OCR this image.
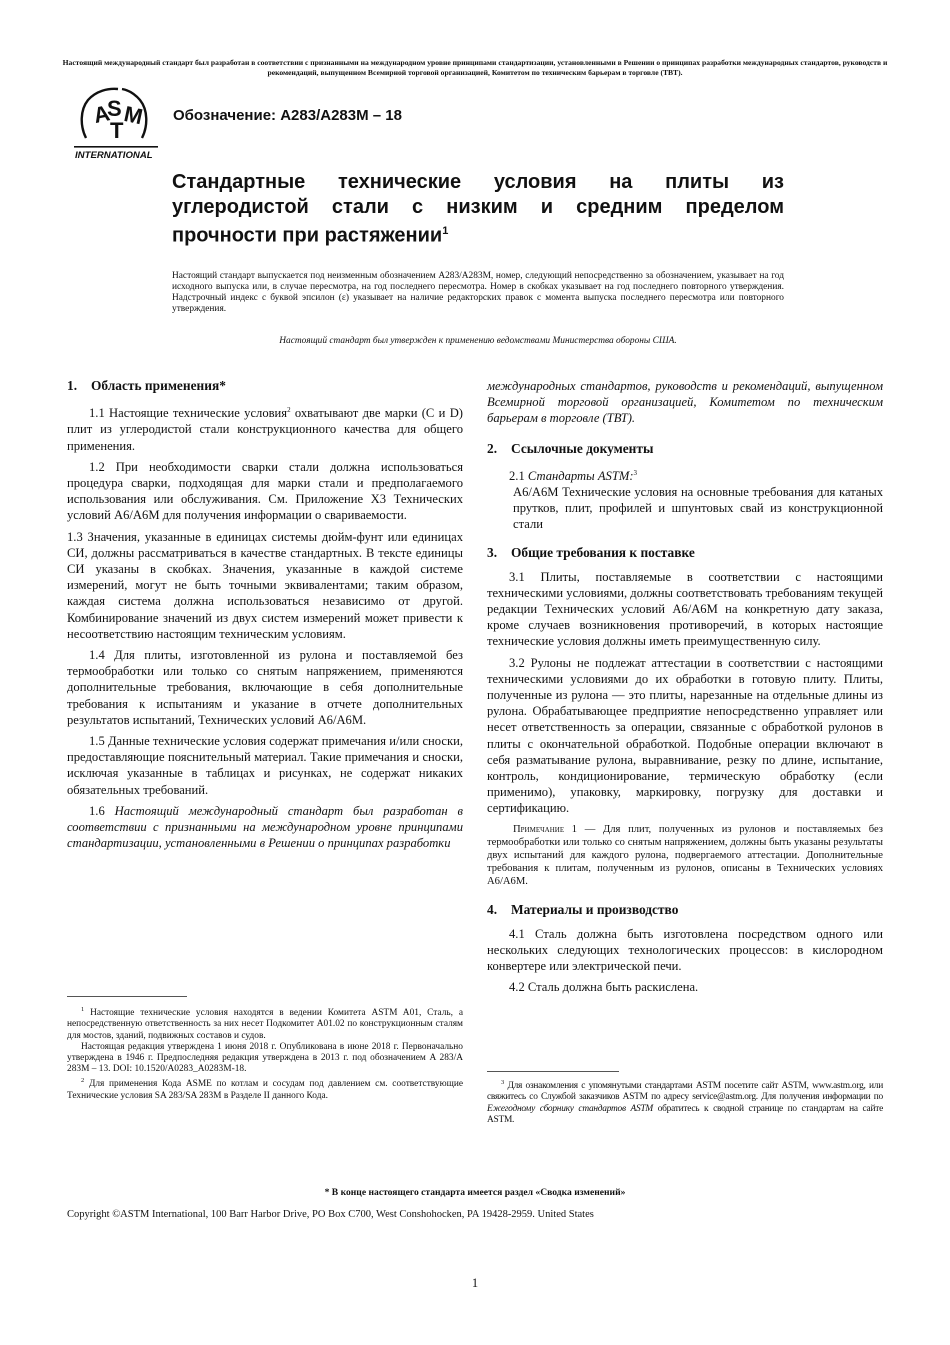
Настоящий международный стандарт был разработан в соответствии с признанными на международном уровне принципами стандартизации, установленными в Решении о принципах разработки международных стандартов, руководств и рекомендаций, выпущенном Всемирной торговой организацией, Комитетом по техническим барьерам в торговле (ТВТ).
A
S
T
M
INTERNATIONAL
Обозначение: A283/A283M – 18
Стандартные технические условия на плиты из углеродистой стали с низким и средним пределом прочности при растяжении$^1$

Настоящий стандарт выпускается под неизменным обозначением A283/A283M, номер, следующий непосредственно за обозначением, указывает на год исходного выпуска или, в случае пересмотра, на год последнего пересмотра. Номер в скобках указывает на год последнего повторного утверждения. Надстрочный индекс с буквой эпсилон (ε) указывает на наличие редакторских правок с момента выпуска последнего пересмотра или повторного утверждения.

Настоящий стандарт был утвержден к применению ведомствами Министерства обороны США.
1. Область применения*

1.1 Настоящие технические условия$^2$ охватывают две марки (C и D) плит из углеродистой стали конструкционного качества для общего применения.

1.2 При необходимости сварки стали должна использоваться процедура сварки, подходящая для марки стали и предполагаемого использования или обслуживания. См. Приложение X3 Технических условий A6/A6M для получения информации о свариваемости.

1.3 Значения, указанные в единицах системы дюйм-фунт или единицах СИ, должны рассматриваться в качестве стандартных. В тексте единицы СИ указаны в скобках. Значения, указанные в каждой системе измерений, могут не быть точными эквивалентами; таким образом, каждая система должна использоваться независимо от другой. Комбинирование значений из двух систем измерений может привести к несоответствию настоящим техническим условиям.

1.4 Для плиты, изготовленной из рулона и поставляемой без термообработки или только со снятым напряжением, применяются дополнительные требования, включающие в себя дополнительные требования к испытаниям и указание в отчете дополнительных результатов испытаний, Технических условий A6/A6M.

1.5 Данные технические условия содержат примечания и/или сноски, предоставляющие пояснительный материал. Такие примечания и сноски, исключая указанные в таблицах и рисунках, не содержат никаких обязательных требований.

1.6 Настоящий международный стандарт был разработан в соответствии с признанными на международном уровне принципами стандартизации, установленными в Решении о принципах разработки

$^1$ Настоящие технические условия находятся в ведении Комитета ASTM A01, Сталь, а непосредственную ответственность за них несет Подкомитет A01.02 по конструкционным сталям для мостов, зданий, подвижных составов и судов.

Настоящая редакция утверждена 1 июня 2018 г. Опубликована в июне 2018 г. Первоначально утверждена в 1946 г. Предпоследняя редакция утверждена в 2013 г. под обозначением A 283/A 283M – 13. DOI: 10.1520/A0283_A0283M-18.

$^2$ Для применения Кода ASME по котлам и сосудам под давлением см. соответствующие Технические условия SA 283/SA 283M в Разделе II данного Кода.

международных стандартов, руководств и рекомендаций, выпущенном Всемирной торговой организацией, Комитетом по техническим барьерам в торговле (ТВТ).

2. Ссылочные документы

2.1 Стандарты ASTM:$^3$

A6/A6M Технические условия на основные требования для катаных прутков, плит, профилей и шпунтовых свай из конструкционной стали

3. Общие требования к поставке

3.1 Плиты, поставляемые в соответствии с настоящими техническими условиями, должны соответствовать требованиям текущей редакции Технических условий A6/A6M на конкретную дату заказа, кроме случаев возникновения противоречий, в которых настоящие технические условия должны иметь преимущественную силу.

3.2 Рулоны не подлежат аттестации в соответствии с настоящими техническими условиями до их обработки в готовую плиту. Плиты, полученные из рулона — это плиты, нарезанные на отдельные длины из рулона. Обрабатывающее предприятие непосредственно управляет или несет ответственность за операции, связанные с обработкой рулонов в плиты с окончательной обработкой. Подобные операции включают в себя разматывание рулона, выравнивание, резку по длине, испытание, контроль, кондиционирование, термическую обработку (если применимо), упаковку, маркировку, погрузку для доставки и сертификацию.

Примечание 1 — Для плит, полученных из рулонов и поставляемых без термообработки или только со снятым напряжением, должны быть указаны результаты двух испытаний для каждого рулона, подвергаемого аттестации. Дополнительные требования к плитам, полученным из рулонов, описаны в Технических условиях A6/A6M.
4. Материалы и производство

4.1 Сталь должна быть изготовлена посредством одного или нескольких следующих технологических процессов: в кислородном конвертере или электрической печи.

4.2 Сталь должна быть раскислена.

$^3$ Для ознакомления с упомянутыми стандартами ASTM посетите сайт ASTM, www.astm.org, или свяжитесь со Службой заказчиков ASTM по адресу service@astm.org. Для получения информации по Ежегодному сборнику стандартов ASTM обратитесь к сводной странице по стандартам на сайте ASTM.

* В конце настоящего стандарта имеется раздел «Сводка изменений»
Copyright ©ASTM International, 100 Barr Harbor Drive, PO Box C700, West Conshohocken, PA 19428-2959. United States
1
